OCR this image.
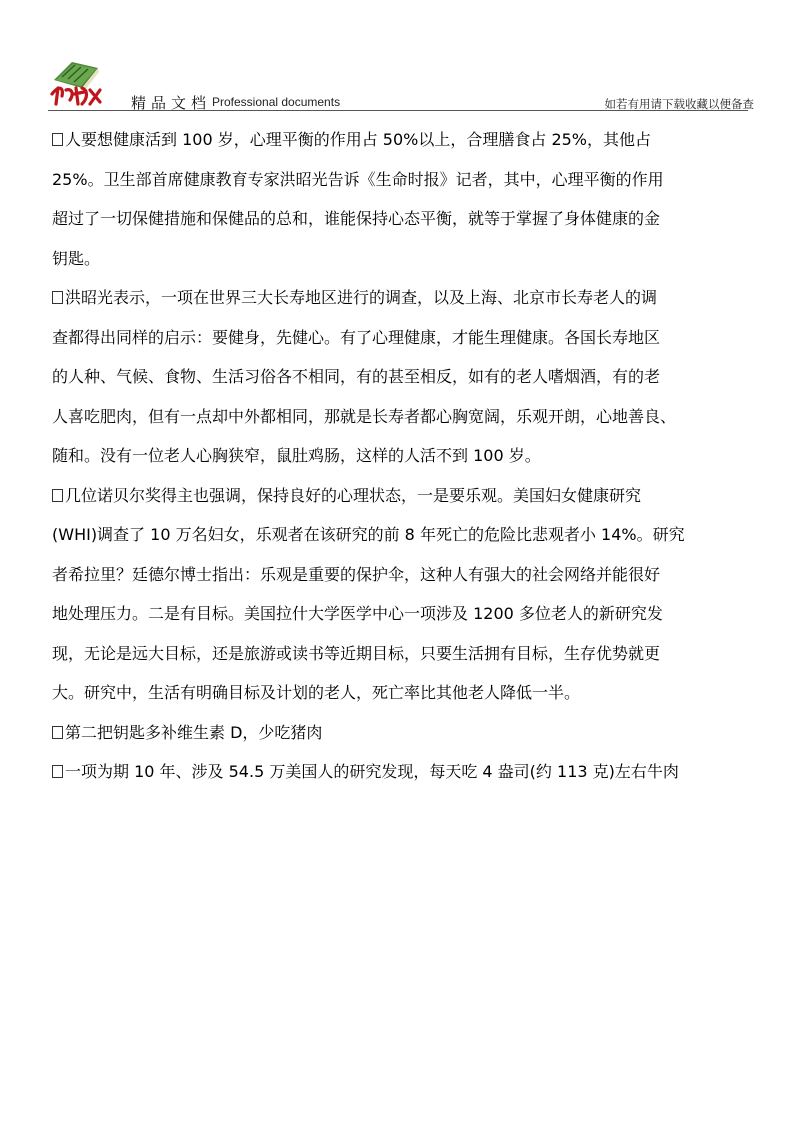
精品文档 Professional documents	如若有用请下载收藏以便备查

人要想健康活到 100 岁，心理平衡的作用占 50%以上，合理膳食占 25%，其他占

25%。卫生部首席健康教育专家洪昭光告诉《生命时报》记者，其中，心理平衡的作用

超过了一切保健措施和保健品的总和，谁能保持心态平衡，就等于掌握了身体健康的金

钥匙。

洪昭光表示，一项在世界三大长寿地区进行的调查，以及上海、北京市长寿老人的调

查都得出同样的启示：要健身，先健心。有了心理健康，才能生理健康。各国长寿地区

的人种、气候、食物、生活习俗各不相同，有的甚至相反，如有的老人嗜烟酒，有的老

人喜吃肥肉，但有一点却中外都相同，那就是长寿者都心胸宽阔，乐观开朗，心地善良、

随和。没有一位老人心胸狭窄，鼠肚鸡肠，这样的人活不到 100 岁。

几位诺贝尔奖得主也强调，保持良好的心理状态，一是要乐观。美国妇女健康研究

(WHI)调查了 10 万名妇女，乐观者在该研究的前 8 年死亡的危险比悲观者小 14%。研究

者希拉里？廷德尔博士指出：乐观是重要的保护伞，这种人有强大的社会网络并能很好

地处理压力。二是有目标。美国拉什大学医学中心一项涉及 1200 多位老人的新研究发

现，无论是远大目标，还是旅游或读书等近期目标，只要生活拥有目标，生存优势就更

大。研究中，生活有明确目标及计划的老人，死亡率比其他老人降低一半。

第二把钥匙多补维生素 D，少吃猪肉

一项为期 10 年、涉及 54.5 万美国人的研究发现，每天吃 4 盎司(约 113 克)左右牛肉
